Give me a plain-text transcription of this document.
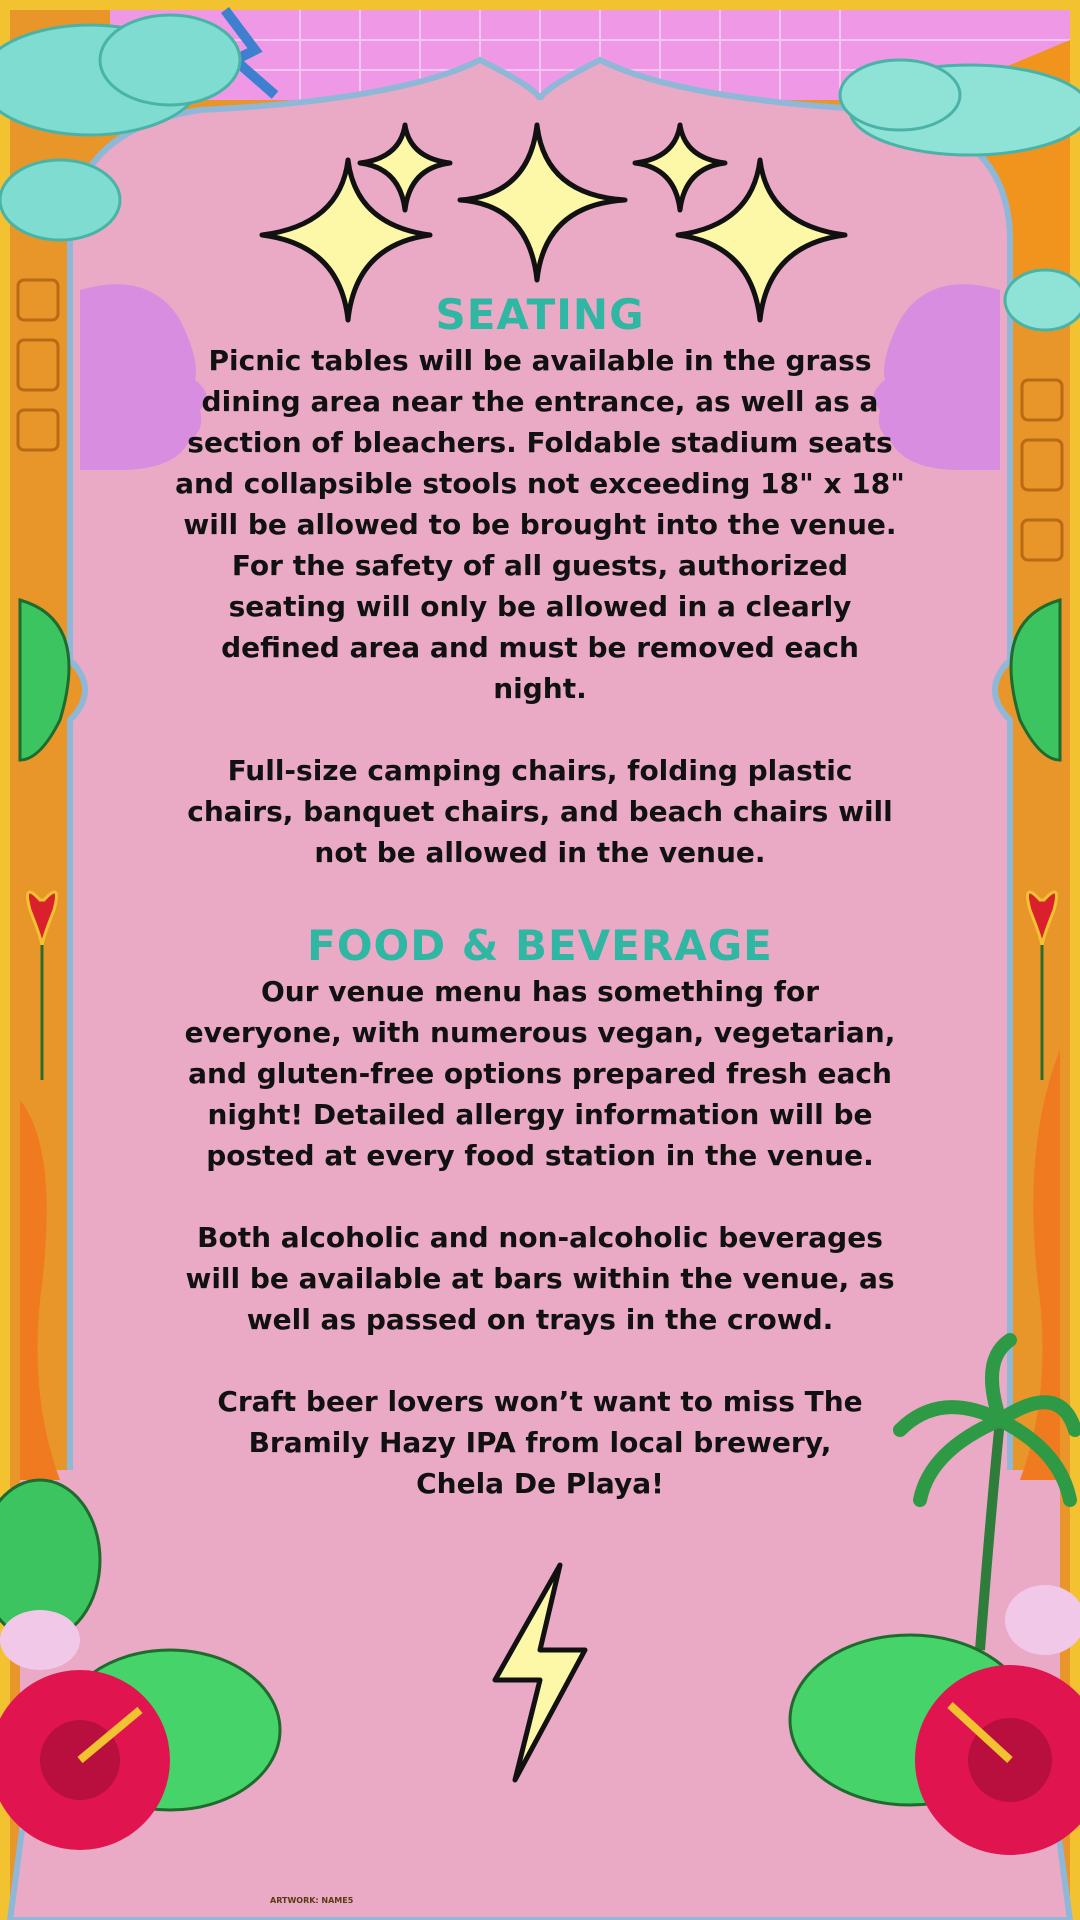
SEATING

Picnic tables will be available in the grass
dining area near the entrance, as well as a
section of bleachers. Foldable stadium seats
and collapsible stools not exceeding 18" x 18"
will be allowed to be brought into the venue.
For the safety of all guests, authorized
seating will only be allowed in a clearly
defined area and must be removed each
night.

Full-size camping chairs, folding plastic
chairs, banquet chairs, and beach chairs will
not be allowed in the venue.

FOOD & BEVERAGE

Our venue menu has something for
everyone, with numerous vegan, vegetarian,
and gluten-free options prepared fresh each
night! Detailed allergy information will be
posted at every food station in the venue.

Both alcoholic and non-alcoholic beverages
will be available at bars within the venue, as
well as passed on trays in the crowd.

Craft beer lovers won’t want to miss The
Bramily Hazy IPA from local brewery,
Chela De Playa!

ARTWORK: NAME5
